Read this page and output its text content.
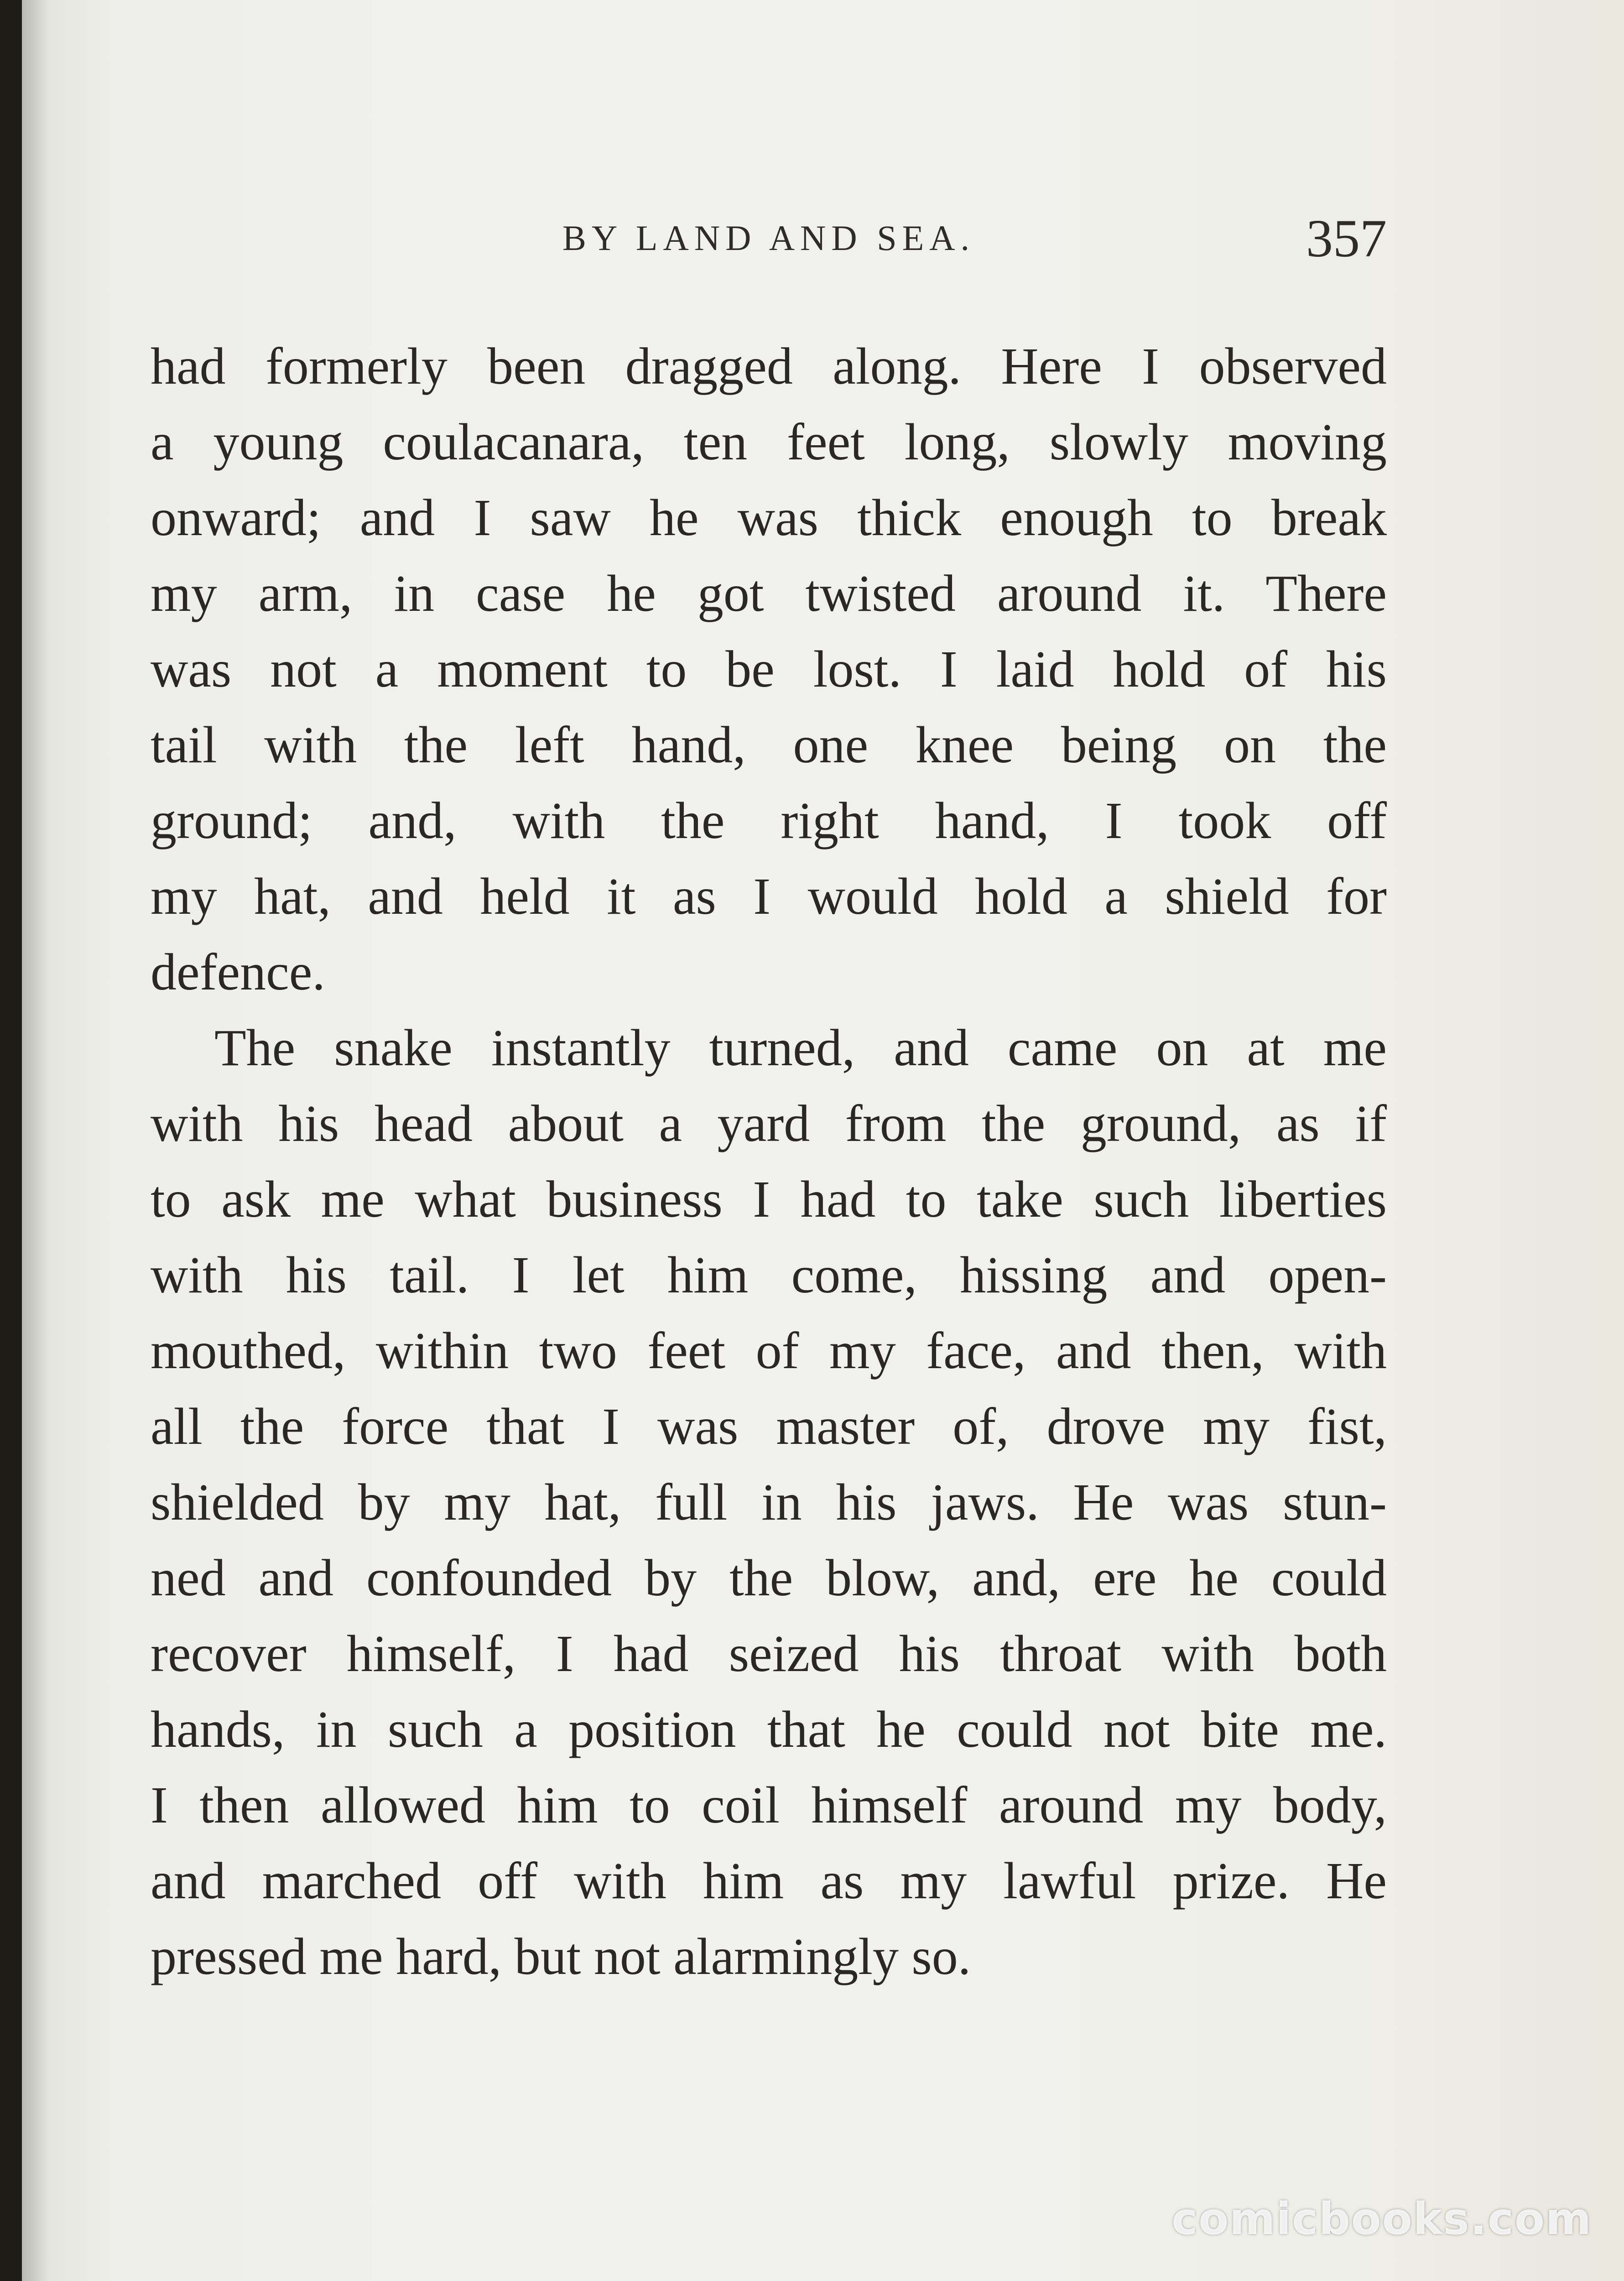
BY LAND AND SEA.	357
had formerly been dragged along. Here I observed
a young coulacanara, ten feet long, slowly moving
onward; and I saw he was thick enough to break
my arm, in case he got twisted around it. There
was not a moment to be lost. I laid hold of his
tail with the left hand, one knee being on the
ground; and, with the right hand, I took off
my hat, and held it as I would hold a shield for
defence.
The snake instantly turned, and came on at me
with his head about a yard from the ground, as if
to ask me what business I had to take such liberties
with his tail. I let him come, hissing and open-
mouthed, within two feet of my face, and then, with
all the force that I was master of, drove my fist,
shielded by my hat, full in his jaws. He was stun-
ned and confounded by the blow, and, ere he could
recover himself, I had seized his throat with both
hands, in such a position that he could not bite me.
I then allowed him to coil himself around my body,
and marched off with him as my lawful prize. He
pressed me hard, but not alarmingly so.
comicbooks.com
